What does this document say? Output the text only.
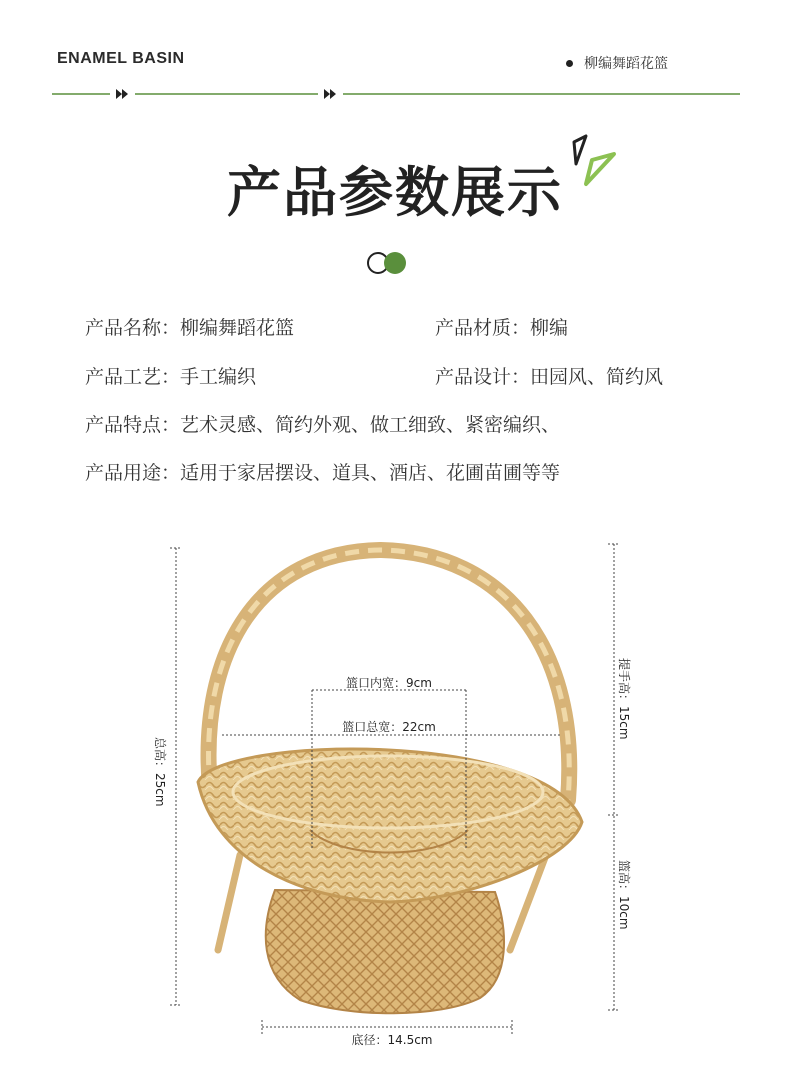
ENAMEL BASIN	柳编舞蹈花篮
产品参数展示
产品名称： 柳编舞蹈花篮	产品材质： 柳编
产品工艺： 手工编织	产品设计： 田园风、简约风
产品特点： 艺术灵感、简约外观、做工细致、紧密编织、
产品用途： 适用于家居摆设、道具、酒店、花圃苗圃等等
篮口内宽：9cm
篮口总宽：22cm
底径：14.5cm
总高：25cm
提手高：15cm
篮高：10cm
